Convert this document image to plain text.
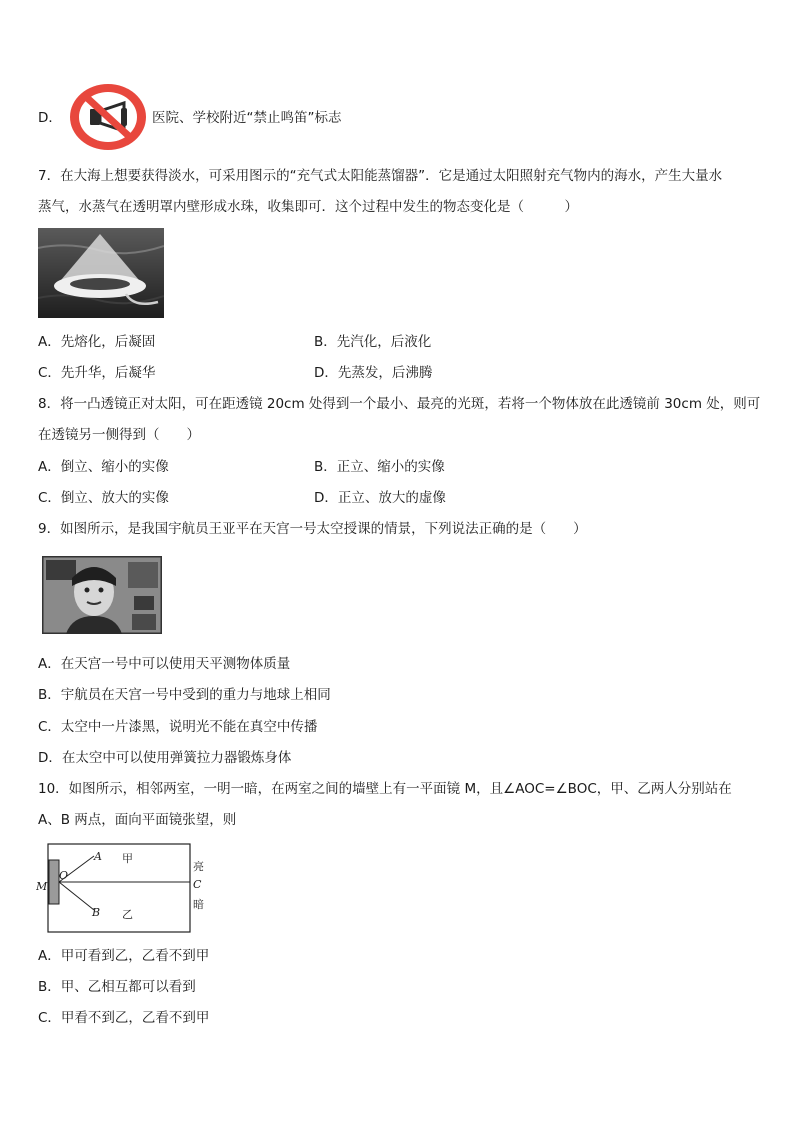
D．	医院、学校附近“禁止鸣笛”标志
7．在大海上想要获得淡水，可采用图示的“充气式太阳能蒸馏器”．它是通过太阳照射充气物内的海水，产生大量水
蒸气，水蒸气在透明罩内壁形成水珠，收集即可．这个过程中发生的物态变化是（　　　）
A．先熔化，后凝固	B．先汽化，后液化
C．先升华，后凝华	D．先蒸发，后沸腾
8．将一凸透镜正对太阳，可在距透镜 20cm 处得到一个最小、最亮的光斑，若将一个物体放在此透镜前 30cm 处，则可
在透镜另一侧得到（　　）
A．倒立、缩小的实像	B．正立、缩小的实像
C．倒立、放大的实像	D．正立、放大的虚像
9．如图所示，是我国宇航员王亚平在天宫一号太空授课的情景，下列说法正确的是（　　）
A．在天宫一号中可以使用天平测物体质量
B．宇航员在天宫一号中受到的重力与地球上相同
C．太空中一片漆黑，说明光不能在真空中传播
D．在太空中可以使用弹簧拉力器锻炼身体
10．如图所示，相邻两室，一明一暗，在两室之间的墙壁上有一平面镜 M，且∠AOC=∠BOC，甲、乙两人分别站在
A、B 两点，面向平面镜张望，则
A 甲
M
O
B 乙
亮
C
暗
A．甲可看到乙，乙看不到甲
B．甲、乙相互都可以看到
C．甲看不到乙，乙看不到甲
